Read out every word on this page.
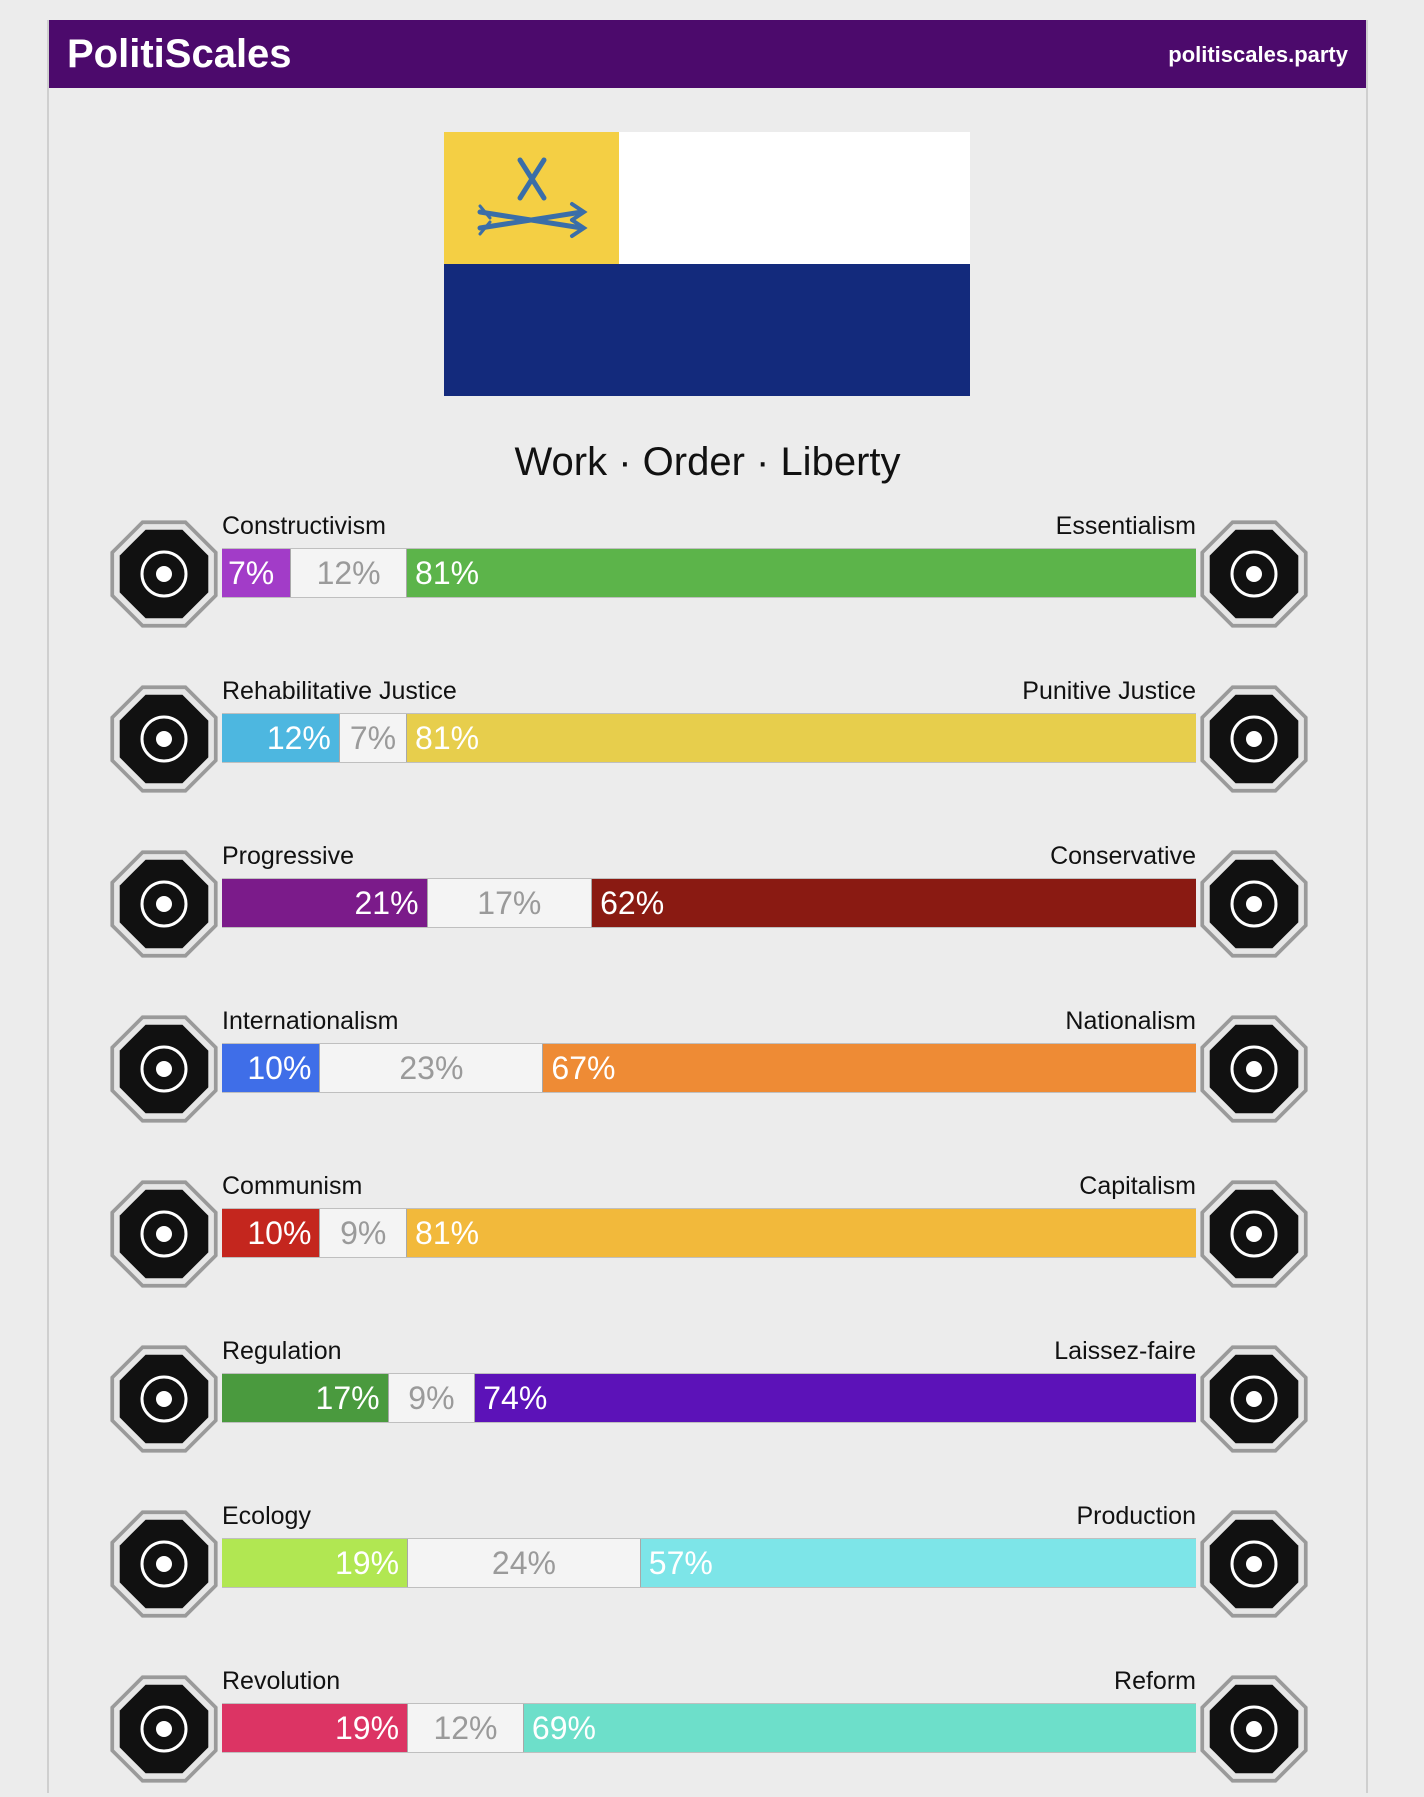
PolitiScales	politiscales.party
Work · Order · Liberty
Constructivism	Essentialism
7%	12%	81%
Rehabilitative Justice	Punitive Justice
12% 7% 81%
Progressive	Conservative
21%	17%	62%
Internationalism	Nationalism
10%	23%	67%
Communism	Capitalism
10% 9% 81%
Regulation	Laissez-faire
17% 9% 74%
Ecology	Production
19%	24%	57%
Revolution	Reform
19%	12%	69%
